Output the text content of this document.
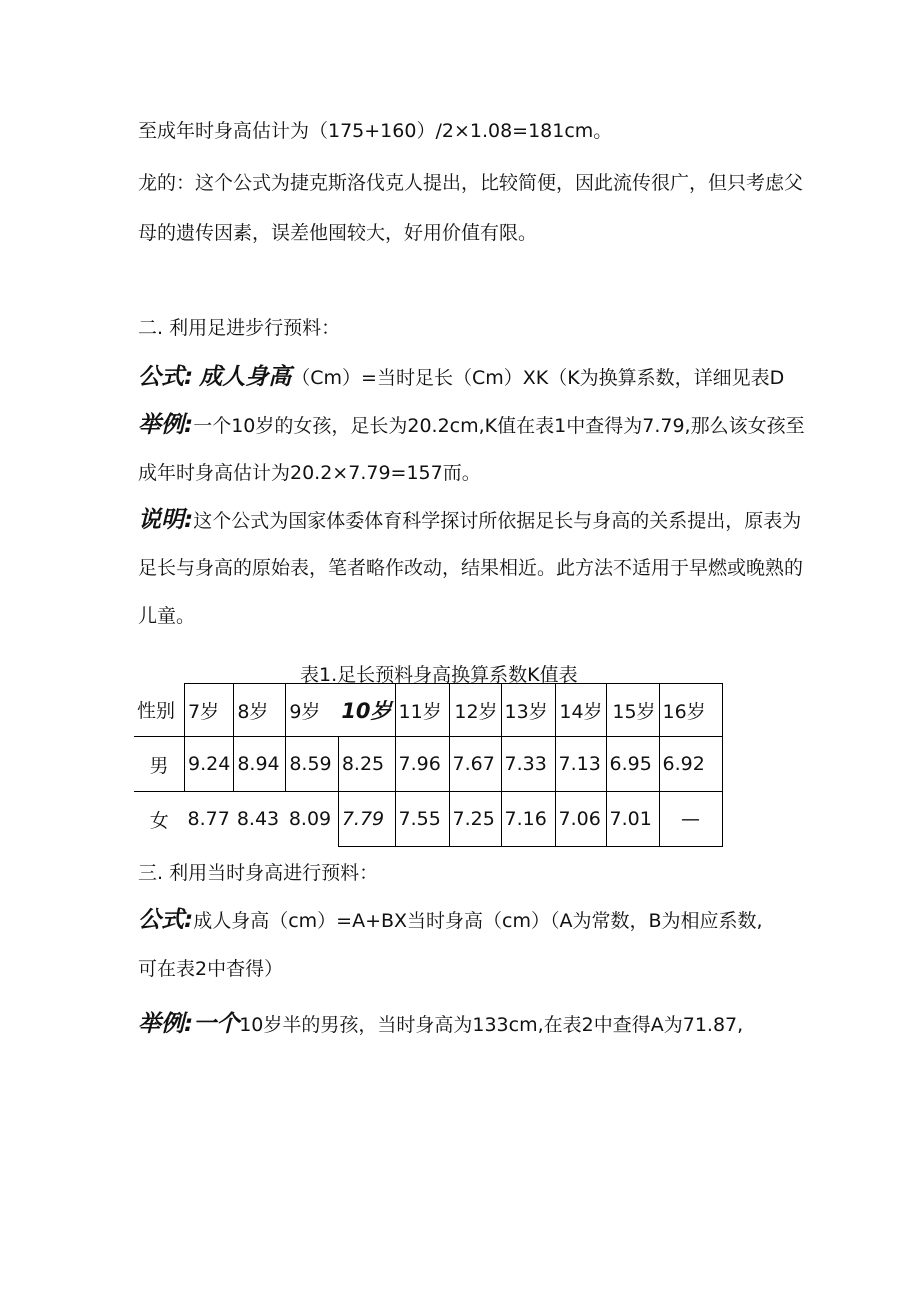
至成年时身高估计为（175+160）/2×1.08=181cm。
龙的：这个公式为捷克斯洛伐克人提出，比较简便，因此流传很广，但只考虑父
母的遗传因素，误差他囤较大，好用价值有限。
二. 利用足进步行预料：
公式: 成人身高（Cm）=当时足长（Cm）XK（K为换算系数，详细见表D
举例:一个10岁的女孩，足长为20.2cm,K值在表1中查得为7.79,那么该女孩至
成年时身高估计为20.2×7.79=157而。
说明:这个公式为国家体委体育科学探讨所依据足长与身高的关系提出，原表为
足长与身高的原始表，笔者略作改动，结果相近。此方法不适用于早燃或晚熟的
儿童。
表1.足长预料身高换算系数K值表
性别	7岁	8岁	9岁	10岁	11岁	12岁	13岁	14岁	15岁	16岁
男	9.24	8.94	8.59	8.25	7.96	7.67	7.33	7.13	6.95	6.92
女	8.77	8.43	8.09	7.79	7.55	7.25	7.16	7.06	7.01	—
三. 利用当时身高进行预料：
公式:成人身高（cm）=A+BX当时身高（cm）（A为常数，B为相应系数,
可在表2中杳得）
举例:一个10岁半的男孩，当时身高为133cm,在表2中查得A为71.87,
